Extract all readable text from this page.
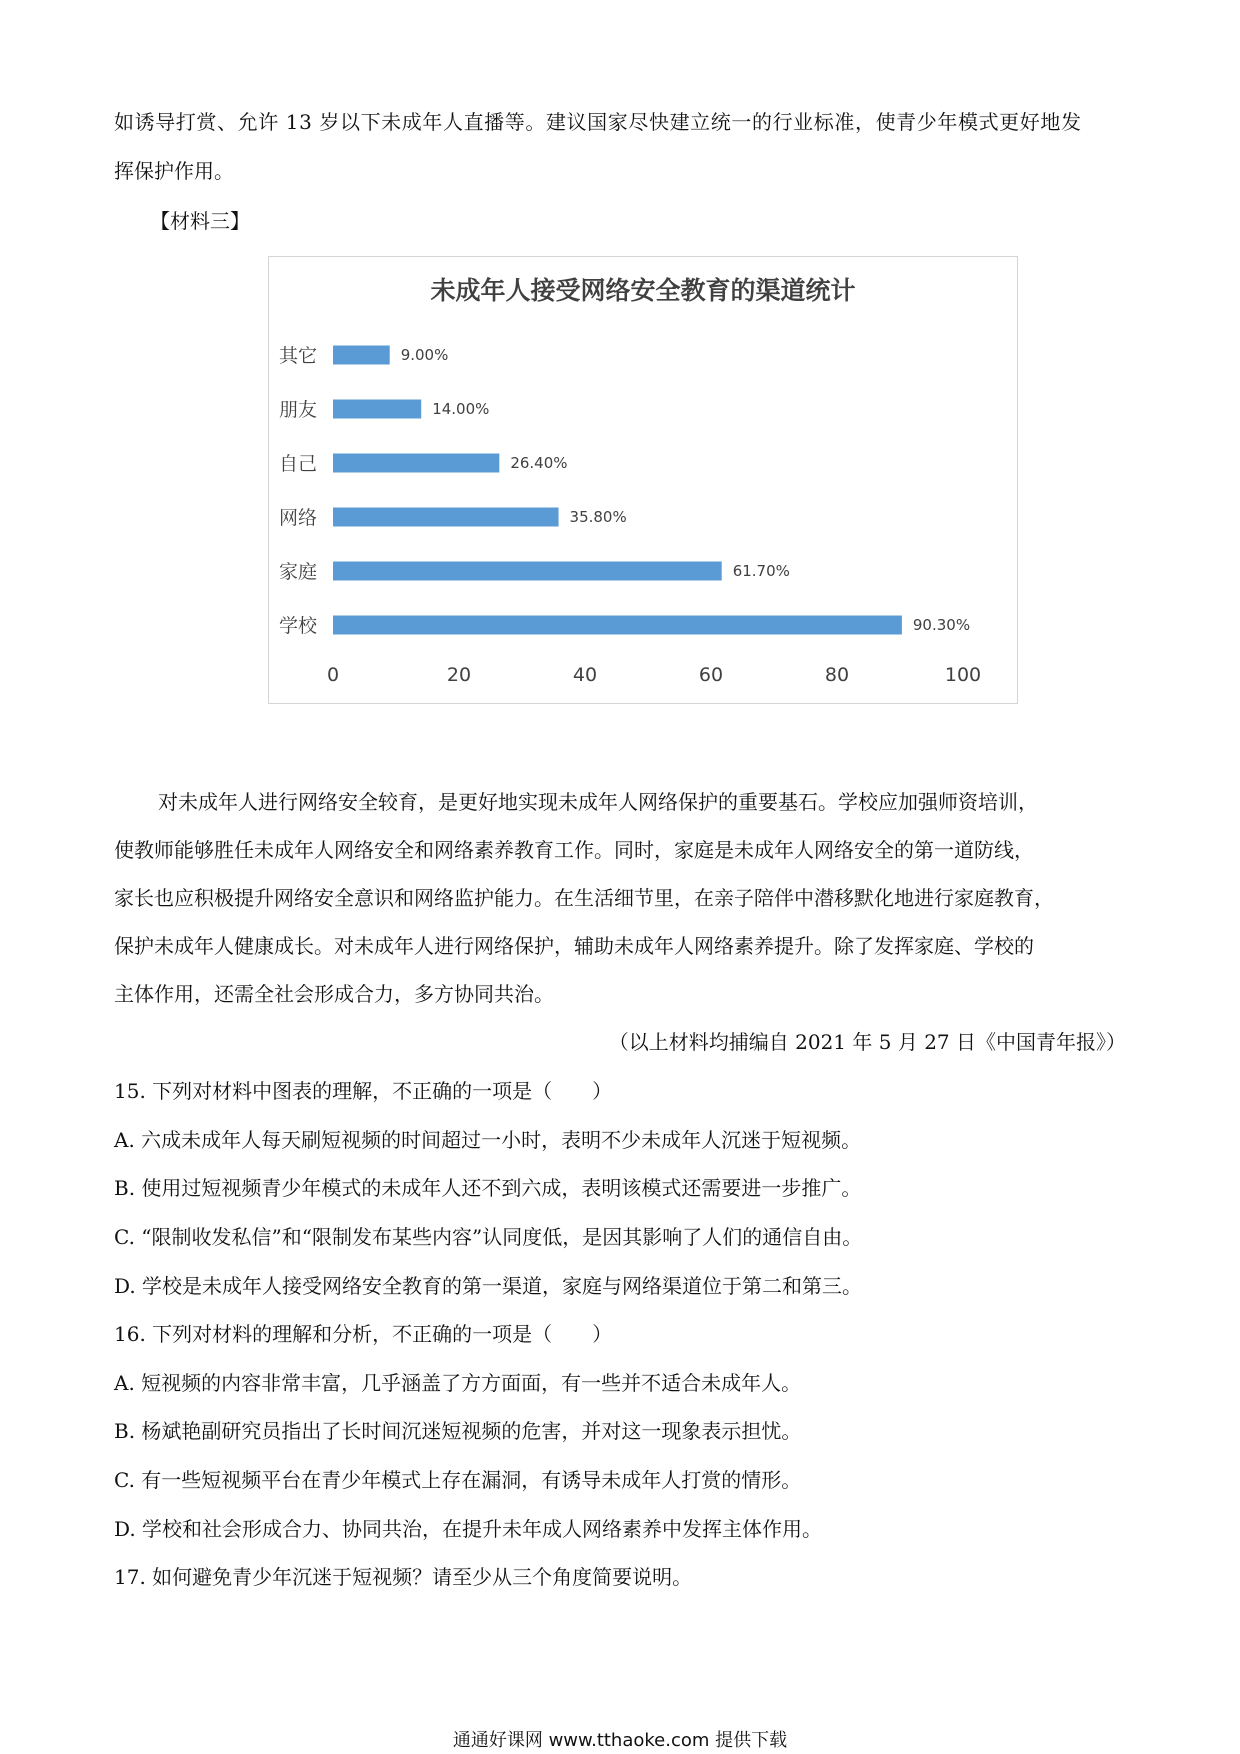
如诱导打赏、允许 13 岁以下未成年人直播等。建议国家尽快建立统一的行业标准，使青少年模式更好地发
挥保护作用。
【材料三】
未成年人接受网络安全教育的渠道统计
其它	9.00%
朋友	14.00%
自己	26.40%
网络	35.80%
家庭	61.70%
学校	90.30%
0	20	40	60	80	100
对未成年人进行网络安全较育，是更好地实现未成年人网络保护的重要基石。学校应加强师资培训，
使教师能够胜任未成年人网络安全和网络素养教育工作。同时，家庭是未成年人网络安全的第一道防线，
家长也应积极提升网络安全意识和网络监护能力。在生活细节里，在亲子陪伴中潜移默化地进行家庭教育，
保护未成年人健康成长。对未成年人进行网络保护，辅助未成年人网络素养提升。除了发挥家庭、学校的
主体作用，还需全社会形成合力，多方协同共治。
（以上材料均捕编自 2021 年 5 月 27 日《中国青年报》）
15. 下列对材料中图表的理解，不正确的一项是（　　）
A. 六成未成年人每天刷短视频的时间超过一小时，表明不少未成年人沉迷于短视频。
B. 使用过短视频青少年模式的未成年人还不到六成，表明该模式还需要进一步推广。
C. “限制收发私信”和“限制发布某些内容”认同度低，是因其影响了人们的通信自由。
D. 学校是未成年人接受网络安全教育的第一渠道，家庭与网络渠道位于第二和第三。
16. 下列对材料的理解和分析，不正确的一项是（　　）
A. 短视频的内容非常丰富，几乎涵盖了方方面面，有一些并不适合未成年人。
B. 杨斌艳副研究员指出了长时间沉迷短视频的危害，并对这一现象表示担忧。
C. 有一些短视频平台在青少年模式上存在漏洞，有诱导未成年人打赏的情形。
D. 学校和社会形成合力、协同共治，在提升未年成人网络素养中发挥主体作用。
17. 如何避免青少年沉迷于短视频？请至少从三个角度简要说明。
通通好课网 www.tthaoke.com 提供下载
